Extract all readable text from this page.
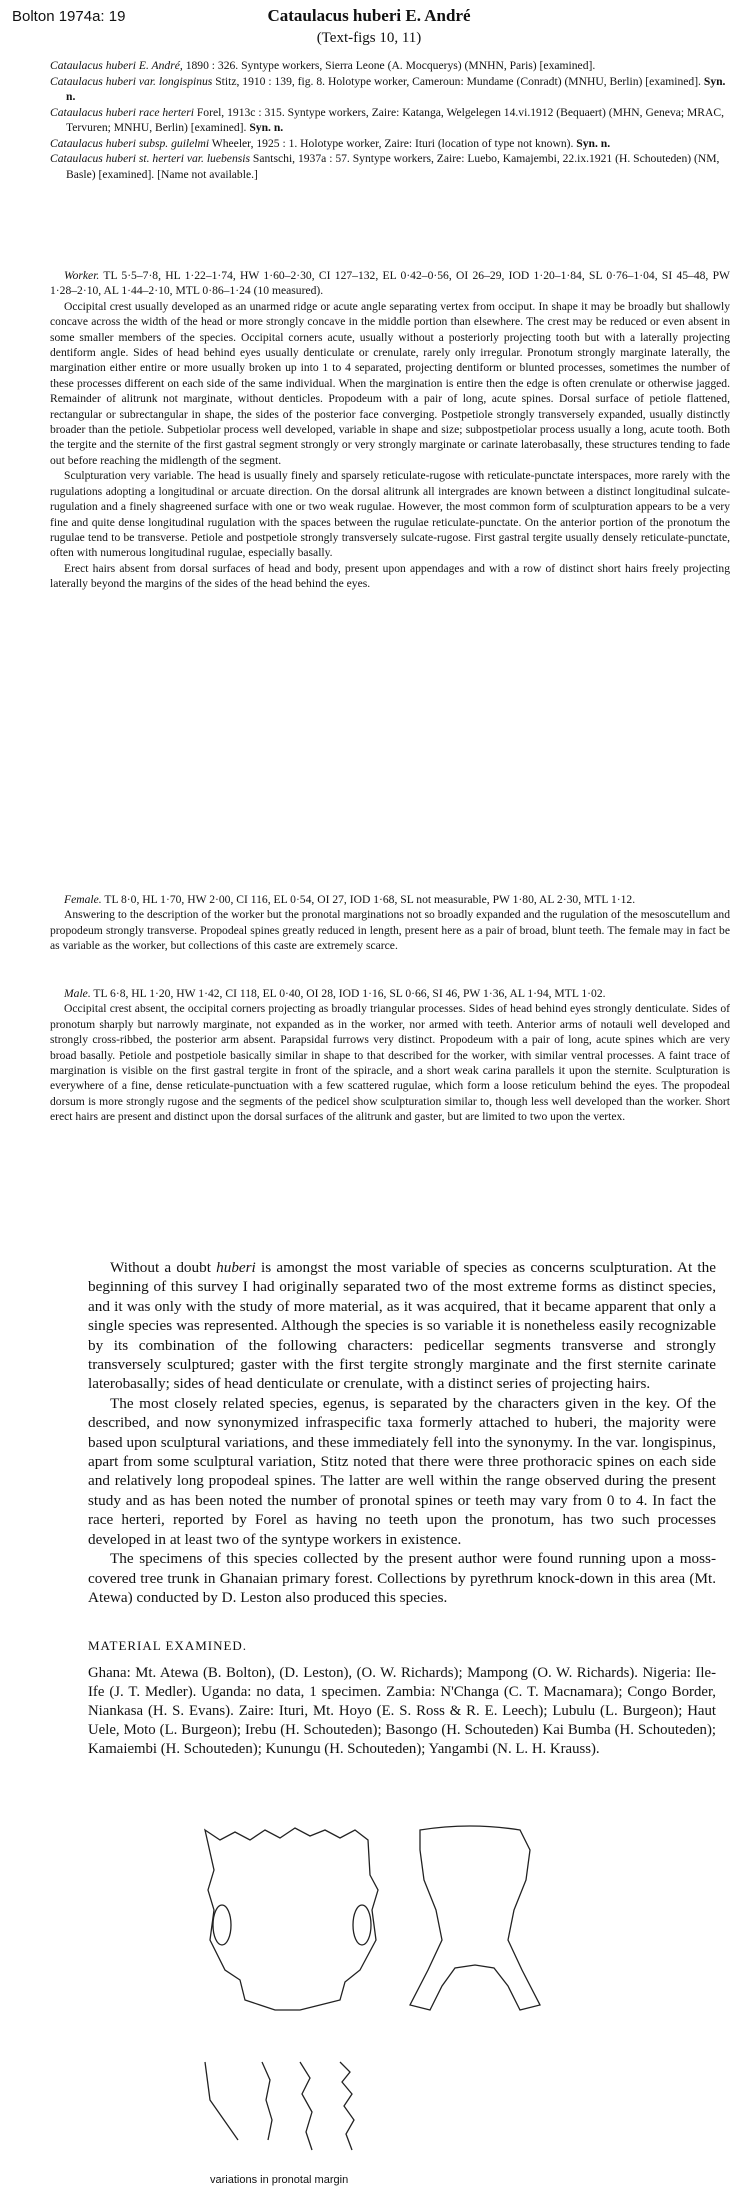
Bolton 1974a: 19	Cataulacus huberi E. André
(Text-figs 10, 11)

Cataulacus huberi E. André, 1890 : 326. Syntype workers, Sierra Leone (A. Mocquerys) (MNHN, Paris) [examined].

Cataulacus huberi var. longispinus Stitz, 1910 : 139, fig. 8. Holotype worker, Cameroun: Mundame (Conradt) (MNHU, Berlin) [examined]. Syn. n.

Cataulacus huberi race herteri Forel, 1913c : 315. Syntype workers, Zaire: Katanga, Welgelegen 14.vi.1912 (Bequaert) (MHN, Geneva; MRAC, Tervuren; MNHU, Berlin) [examined]. Syn. n.

Cataulacus huberi subsp. guilelmi Wheeler, 1925 : 1. Holotype worker, Zaire: Ituri (location of type not known). Syn. n.

Cataulacus huberi st. herteri var. luebensis Santschi, 1937a : 57. Syntype workers, Zaire: Luebo, Kamajembi, 22.ix.1921 (H. Schouteden) (NM, Basle) [examined]. [Name not available.]

Worker. TL 5·5–7·8, HL 1·22–1·74, HW 1·60–2·30, CI 127–132, EL 0·42–0·56, OI 26–29, IOD 1·20–1·84, SL 0·76–1·04, SI 45–48, PW 1·28–2·10, AL 1·44–2·10, MTL 0·86–1·24 (10 measured).

Occipital crest usually developed as an unarmed ridge or acute angle separating vertex from occiput. In shape it may be broadly but shallowly concave across the width of the head or more strongly concave in the middle portion than elsewhere. The crest may be reduced or even absent in some smaller members of the species. Occipital corners acute, usually without a posteriorly projecting tooth but with a laterally projecting dentiform angle. Sides of head behind eyes usually denticulate or crenulate, rarely only irregular. Pronotum strongly marginate laterally, the margination either entire or more usually broken up into 1 to 4 separated, projecting dentiform or blunted processes, sometimes the number of these processes different on each side of the same individual. When the margination is entire then the edge is often crenulate or otherwise jagged. Remainder of alitrunk not marginate, without denticles. Propodeum with a pair of long, acute spines. Dorsal surface of petiole flattened, rectangular or subrectangular in shape, the sides of the posterior face converging. Postpetiole strongly transversely expanded, usually distinctly broader than the petiole. Subpetiolar process well developed, variable in shape and size; subpostpetiolar process usually a long, acute tooth. Both the tergite and the sternite of the first gastral segment strongly or very strongly marginate or carinate laterobasally, these structures tending to fade out before reaching the midlength of the segment.

Sculpturation very variable. The head is usually finely and sparsely reticulate-rugose with reticulate-punctate interspaces, more rarely with the rugulations adopting a longitudinal or arcuate direction. On the dorsal alitrunk all intergrades are known between a distinct longitudinal sulcate-rugulation and a finely shagreened surface with one or two weak rugulae. However, the most common form of sculpturation appears to be a very fine and quite dense longitudinal rugulation with the spaces between the rugulae reticulate-punctate. On the anterior portion of the pronotum the rugulae tend to be transverse. Petiole and postpetiole strongly transversely sulcate-rugose. First gastral tergite usually densely reticulate-punctate, often with numerous longitudinal rugulae, especially basally.

Erect hairs absent from dorsal surfaces of head and body, present upon appendages and with a row of distinct short hairs freely projecting laterally beyond the margins of the sides of the head behind the eyes.

Female. TL 8·0, HL 1·70, HW 2·00, CI 116, EL 0·54, OI 27, IOD 1·68, SL not measurable, PW 1·80, AL 2·30, MTL 1·12.

Answering to the description of the worker but the pronotal marginations not so broadly expanded and the rugulation of the mesoscutellum and propodeum strongly transverse. Propodeal spines greatly reduced in length, present here as a pair of broad, blunt teeth. The female may in fact be as variable as the worker, but collections of this caste are extremely scarce.

Male. TL 6·8, HL 1·20, HW 1·42, CI 118, EL 0·40, OI 28, IOD 1·16, SL 0·66, SI 46, PW 1·36, AL 1·94, MTL 1·02.

Occipital crest absent, the occipital corners projecting as broadly triangular processes. Sides of head behind eyes strongly denticulate. Sides of pronotum sharply but narrowly marginate, not expanded as in the worker, nor armed with teeth. Anterior arms of notauli well developed and strongly cross-ribbed, the posterior arm absent. Parapsidal furrows very distinct. Propodeum with a pair of long, acute spines which are very broad basally. Petiole and postpetiole basically similar in shape to that described for the worker, with similar ventral processes. A faint trace of margination is visible on the first gastral tergite in front of the spiracle, and a short weak carina parallels it upon the sternite. Sculpturation is everywhere of a fine, dense reticulate-punctuation with a few scattered rugulae, which form a loose reticulum behind the eyes. The propodeal dorsum is more strongly rugose and the segments of the pedicel show sculpturation similar to, though less well developed than the worker. Short erect hairs are present and distinct upon the dorsal surfaces of the alitrunk and gaster, but are limited to two upon the vertex.

Without a doubt huberi is amongst the most variable of species as concerns sculpturation. At the beginning of this survey I had originally separated two of the most extreme forms as distinct species, and it was only with the study of more material, as it was acquired, that it became apparent that only a single species was represented. Although the species is so variable it is nonetheless easily recognizable by its combination of the following characters: pedicellar segments transverse and strongly transversely sculptured; gaster with the first tergite strongly marginate and the first sternite carinate laterobasally; sides of head denticulate or crenulate, with a distinct series of projecting hairs.

The most closely related species, egenus, is separated by the characters given in the key. Of the described, and now synonymized infraspecific taxa formerly attached to huberi, the majority were based upon sculptural variations, and these immediately fell into the synonymy. In the var. longispinus, apart from some sculptural variation, Stitz noted that there were three prothoracic spines on each side and relatively long propodeal spines. The latter are well within the range observed during the present study and as has been noted the number of pronotal spines or teeth may vary from 0 to 4. In fact the race herteri, reported by Forel as having no teeth upon the pronotum, has two such processes developed in at least two of the syntype workers in existence.

The specimens of this species collected by the present author were found running upon a moss-covered tree trunk in Ghanaian primary forest. Collections by pyrethrum knock-down in this area (Mt. Atewa) conducted by D. Leston also produced this species.

MATERIAL EXAMINED.
Ghana: Mt. Atewa (B. Bolton), (D. Leston), (O. W. Richards); Mampong (O. W. Richards). Nigeria: Ile-Ife (J. T. Medler). Uganda: no data, 1 specimen. Zambia: N'Changa (C. T. Macnamara); Congo Border, Niankasa (H. S. Evans). Zaire: Ituri, Mt. Hoyo (E. S. Ross & R. E. Leech); Lubulu (L. Burgeon); Haut Uele, Moto (L. Burgeon); Irebu (H. Schouteden); Basongo (H. Schouteden) Kai Bumba (H. Schouteden); Kamaiembi (H. Schouteden); Kunungu (H. Schouteden); Yangambi (N. L. H. Krauss).
variations in pronotal margin
